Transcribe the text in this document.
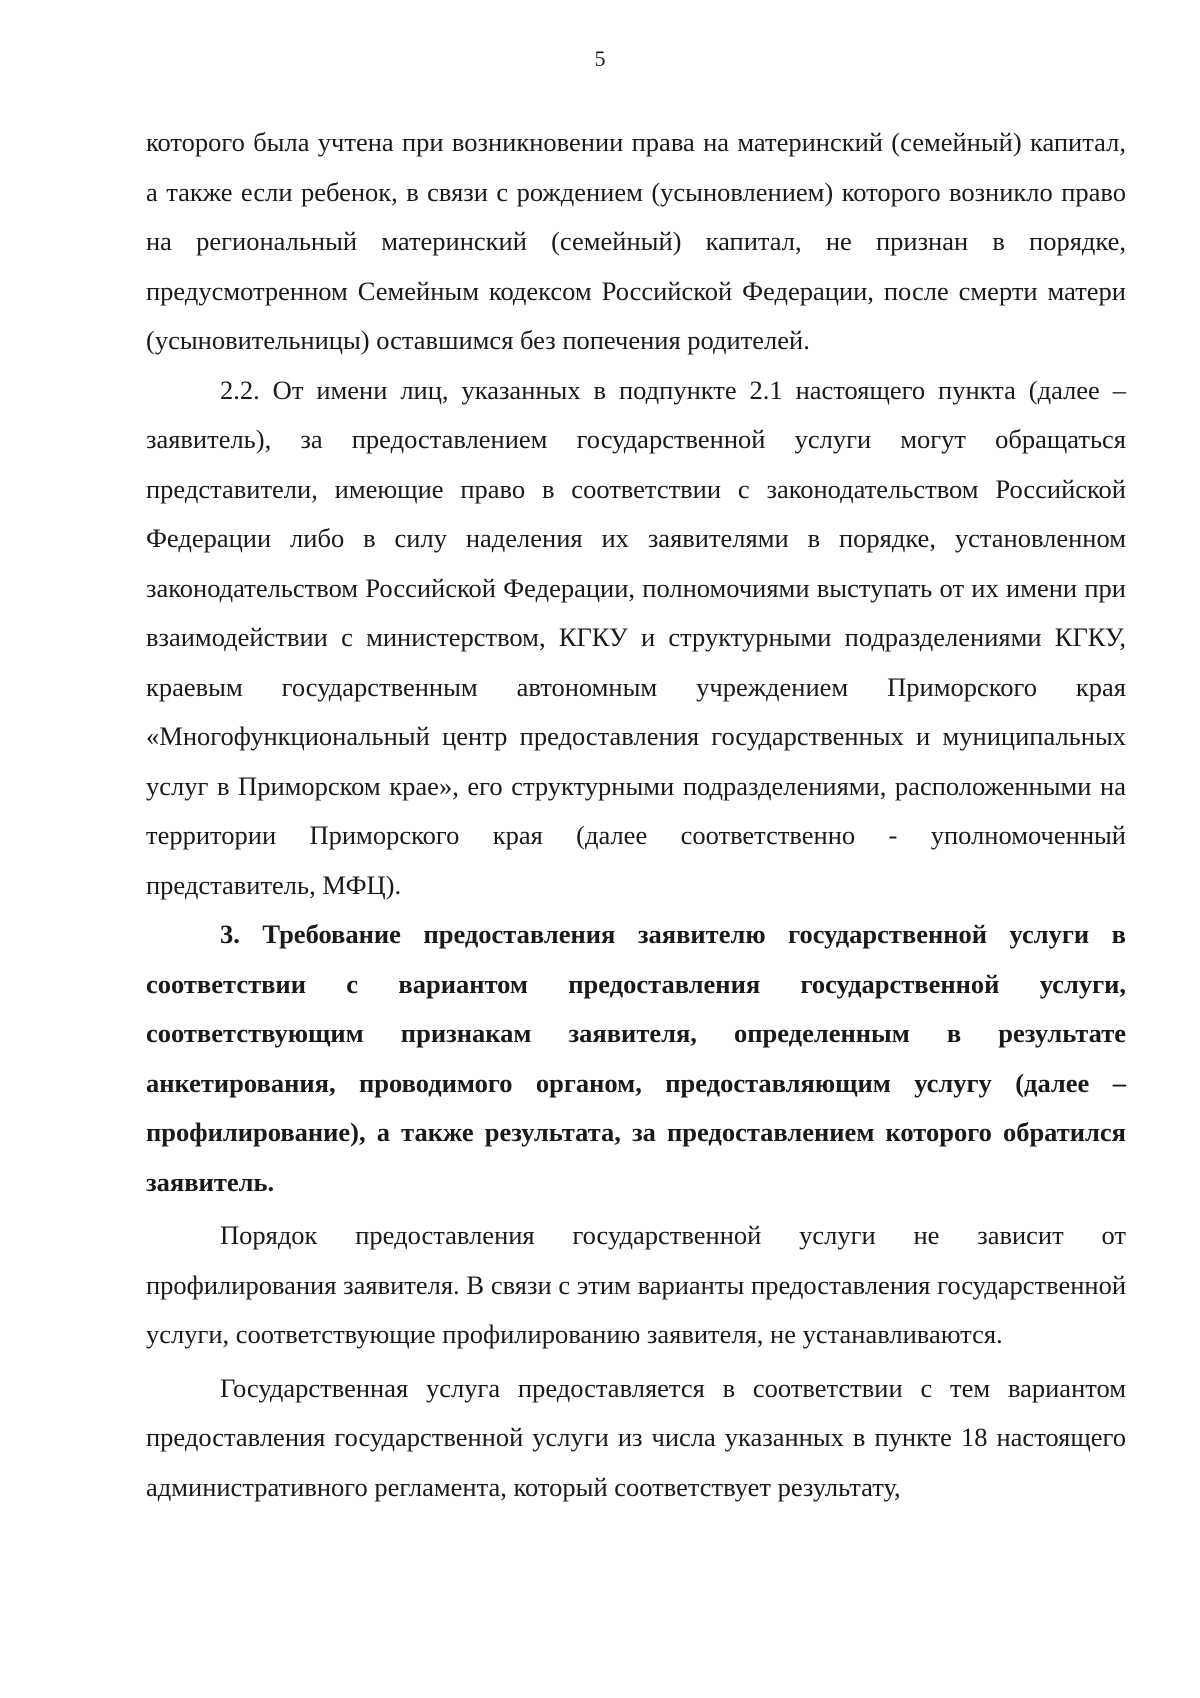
5

которого была учтена при возникновении права на материнский (семейный) капитал, а также если ребенок, в связи с рождением (усыновлением) которого возникло право на региональный материнский (семейный) капитал, не признан в порядке, предусмотренном Семейным кодексом Российской Федерации, после смерти матери (усыновительницы) оставшимся без попечения родителей.

2.2. От имени лиц, указанных в подпункте 2.1 настоящего пункта (далее – заявитель), за предоставлением государственной услуги могут обращаться представители, имеющие право в соответствии с законодательством Российской Федерации либо в силу наделения их заявителями в порядке, установленном законодательством Российской Федерации, полномочиями выступать от их имени при взаимодействии с министерством, КГКУ и структурными подразделениями КГКУ, краевым государственным автономным учреждением Приморского края «Многофункциональный центр предоставления государственных и муниципальных услуг в Приморском крае», его структурными подразделениями, расположенными на территории Приморского края (далее соответственно - уполномоченный представитель, МФЦ).

3. Требование предоставления заявителю государственной услуги в соответствии с вариантом предоставления государственной услуги, соответствующим признакам заявителя, определенным в результате анкетирования, проводимого органом, предоставляющим услугу (далее – профилирование), а также результата, за предоставлением которого обратился заявитель.

Порядок предоставления государственной услуги не зависит от профилирования заявителя. В связи с этим варианты предоставления государственной услуги, соответствующие профилированию заявителя, не устанавливаются.

Государственная услуга предоставляется в соответствии с тем вариантом предоставления государственной услуги из числа указанных в пункте 18 настоящего административного регламента, который соответствует результату,
